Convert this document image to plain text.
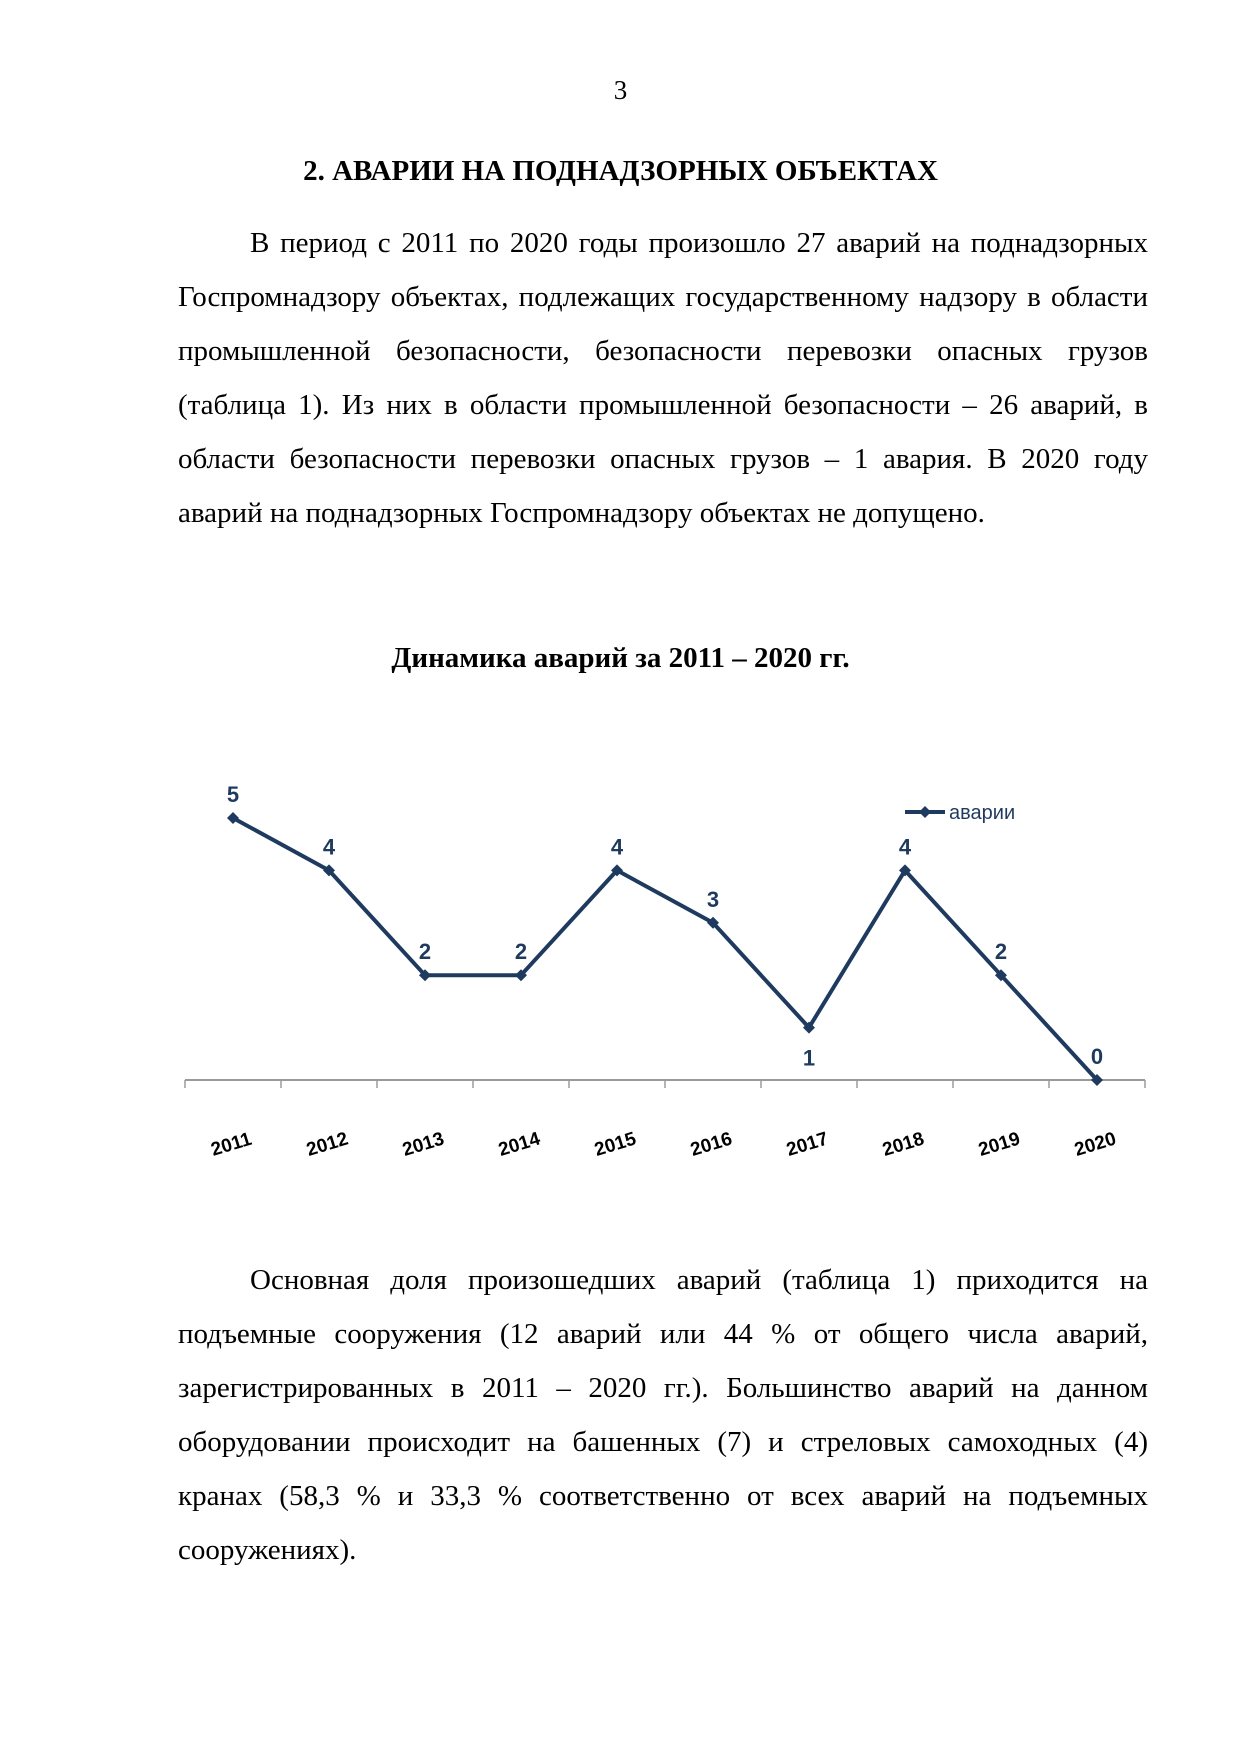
3
2. АВАРИИ НА ПОДНАДЗОРНЫХ ОБЪЕКТАХ

В период с 2011 по 2020 годы произошло 27 аварий на поднадзорных Госпромнадзору объектах, подлежащих государственному надзору в области промышленной безопасности, безопасности перевозки опасных грузов (таблица 1). Из них в области промышленной безопасности – 26 аварий, в области безопасности перевозки опасных грузов – 1 авария. В 2020 году аварий на поднадзорных Госпромнадзору объектах не допущено.

Динамика аварий за 2011 – 2020 гг.
2011	2012	2013	2014	2015	2016	2017	2018	2019	2020
5
4
2	2
4
3
1
4
2
0
аварии

Основная доля произошедших аварий (таблица 1) приходится на подъемные сооружения (12 аварий или 44 % от общего числа аварий, зарегистрированных в 2011 – 2020 гг.). Большинство аварий на данном оборудовании происходит на башенных (7) и стреловых самоходных (4) кранах (58,3 % и 33,3 % соответственно от всех аварий на подъемных сооружениях).
